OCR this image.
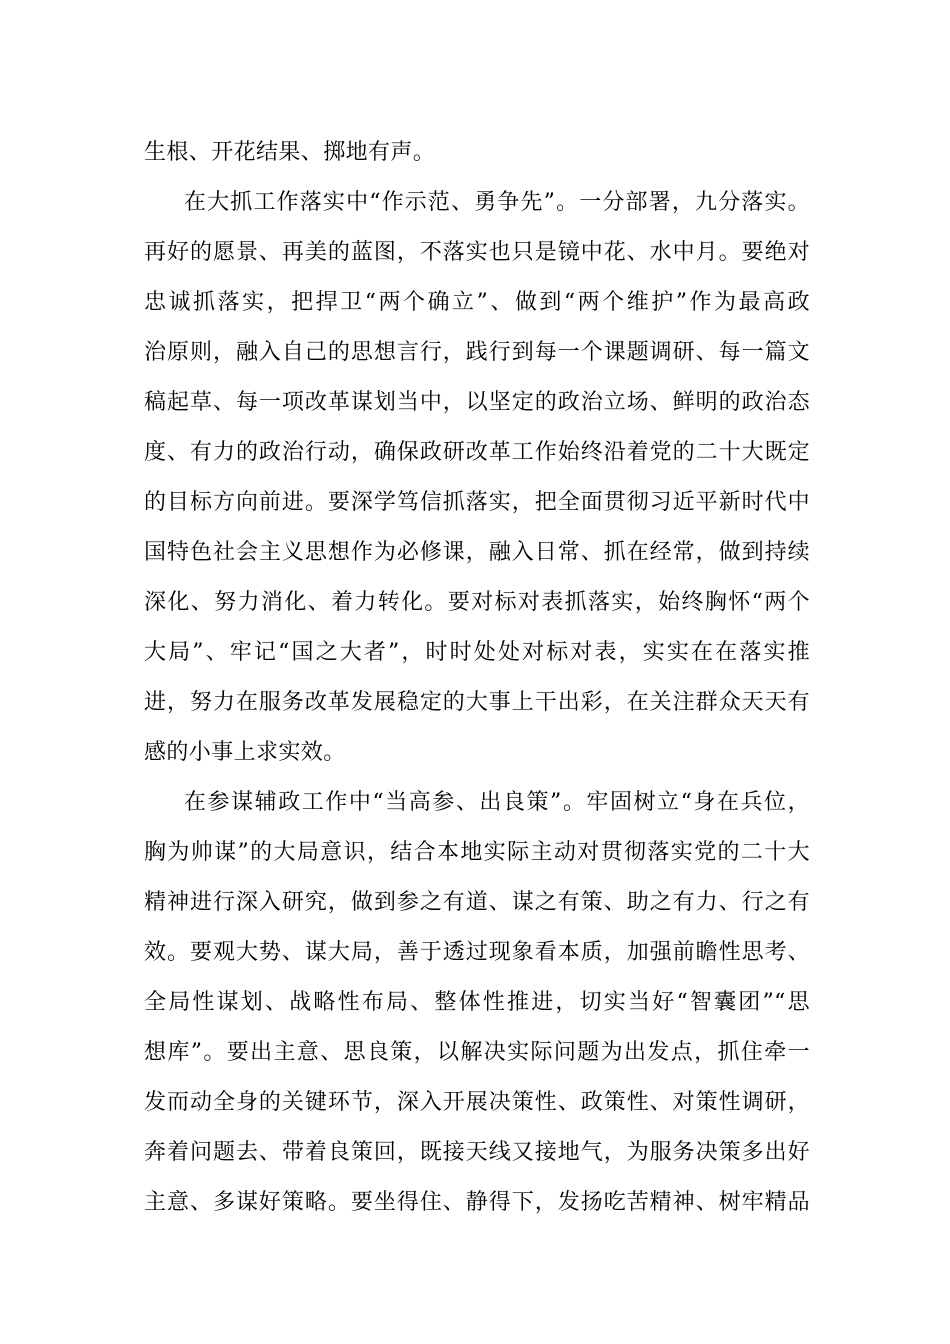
生根、开花结果、掷地有声。
在大抓工作落实中“作示范、勇争先”。一分部署，九分落实。
再好的愿景、再美的蓝图，不落实也只是镜中花、水中月。要绝对
忠诚抓落实，把捍卫“两个确立”、做到“两个维护”作为最高政
治原则，融入自己的思想言行，践行到每一个课题调研、每一篇文
稿起草、每一项改革谋划当中，以坚定的政治立场、鲜明的政治态
度、有力的政治行动，确保政研改革工作始终沿着党的二十大既定
的目标方向前进。要深学笃信抓落实，把全面贯彻习近平新时代中
国特色社会主义思想作为必修课，融入日常、抓在经常，做到持续
深化、努力消化、着力转化。要对标对表抓落实，始终胸怀“两个
大局”、牢记“国之大者”，时时处处对标对表，实实在在落实推
进，努力在服务改革发展稳定的大事上干出彩，在关注群众天天有
感的小事上求实效。
在参谋辅政工作中“当高参、出良策”。牢固树立“身在兵位，
胸为帅谋”的大局意识，结合本地实际主动对贯彻落实党的二十大
精神进行深入研究，做到参之有道、谋之有策、助之有力、行之有
效。要观大势、谋大局，善于透过现象看本质，加强前瞻性思考、
全局性谋划、战略性布局、整体性推进，切实当好“智囊团”“思
想库”。要出主意、思良策，以解决实际问题为出发点，抓住牵一
发而动全身的关键环节，深入开展决策性、政策性、对策性调研，
奔着问题去、带着良策回，既接天线又接地气，为服务决策多出好
主意、多谋好策略。要坐得住、静得下，发扬吃苦精神、树牢精品
